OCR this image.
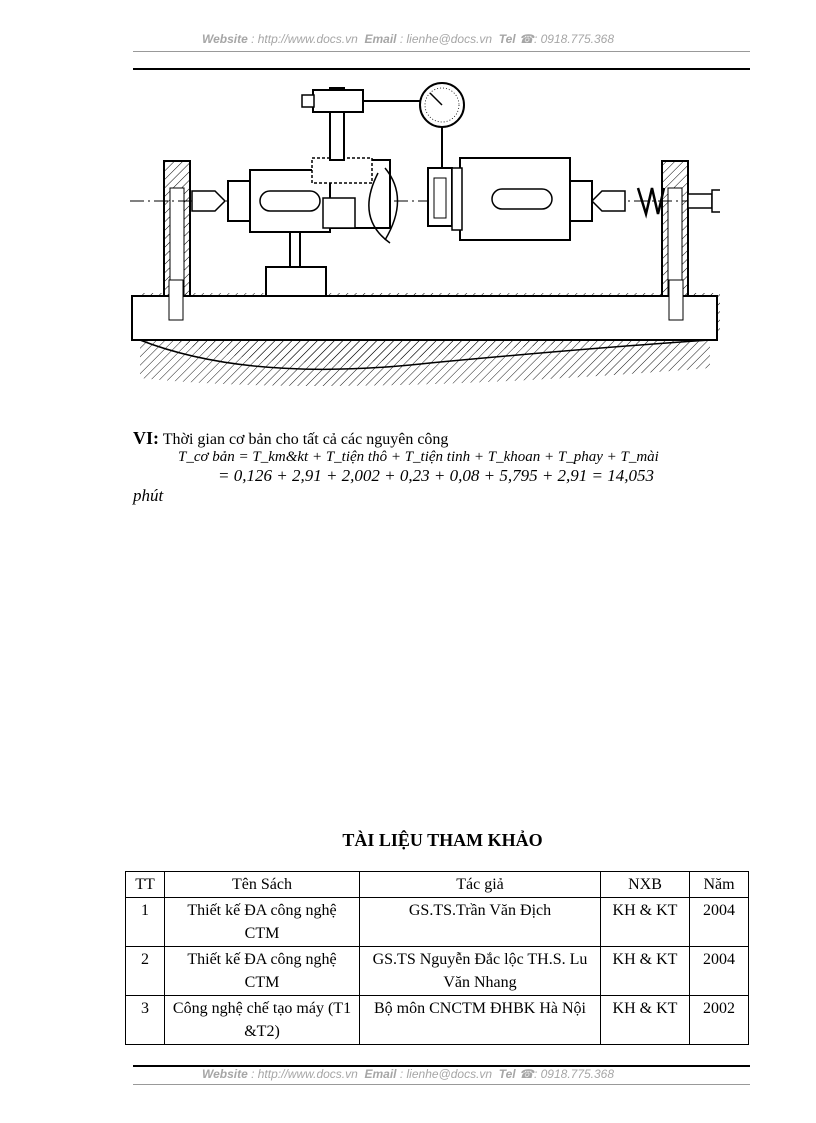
Website : http://www.docs.vn Email : lienhe@docs.vn Tel ☎: 0918.775.368
VI: Thời gian cơ bản cho tất cả các nguyên công
T_cơ bản = T_km&kt + T_tiện thô + T_tiện tinh + T_khoan + T_phay + T_mài
= 0,126 + 2,91 + 2,002 + 0,23 + 0,08 + 5,795 + 2,91 = 14,053
phút
TÀI LIỆU THAM KHẢO
TT	Tên Sách	Tác giả	NXB	Năm
1	Thiết kế ĐA công nghệ CTM	GS.TS.Trần Văn Địch	KH & KT	2004
2	Thiết kế ĐA công nghệ CTM	GS.TS Nguyễn Đắc lộc TH.S. Lu Văn Nhang	KH & KT	2004
3	Công nghệ chế tạo máy (T1 &T2)	Bộ môn CNCTM ĐHBK Hà Nội	KH & KT	2002
Website : http://www.docs.vn Email : lienhe@docs.vn Tel ☎: 0918.775.368
